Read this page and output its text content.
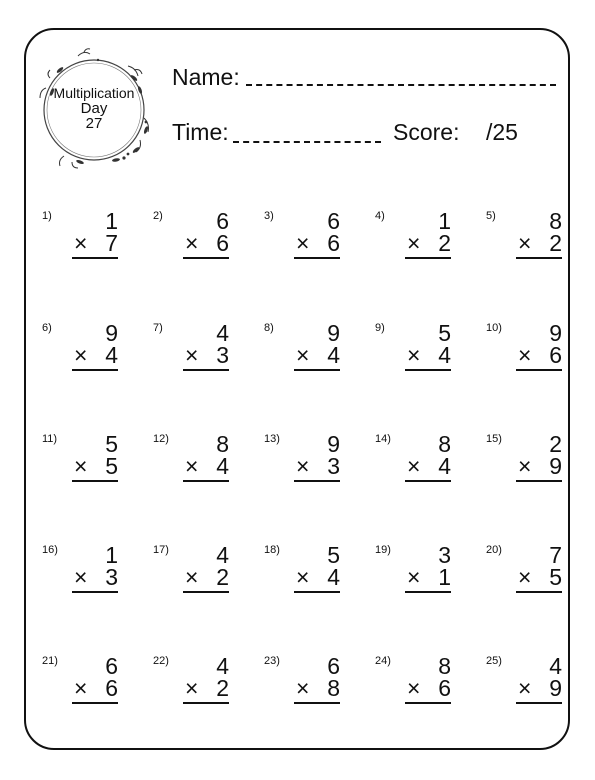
Multiplication
Day
27
Name:
Time:	Score: /25
1) 1
× 7
2) 6
× 6
3) 6
× 6
4) 1
× 2
5) 8
× 2
6) 9
× 4
7) 4
× 3
8) 9
× 4
9) 5
× 4
10) 9
× 6
11) 5
× 5
12) 8
× 4
13) 9
× 3
14) 8
× 4
15) 2
× 9
16) 1
× 3
17) 4
× 2
18) 5
× 4
19) 3
× 1
20) 7
× 5
21) 6
× 6
22) 4
× 2
23) 6
× 8
24) 8
× 6
25) 4
× 9
